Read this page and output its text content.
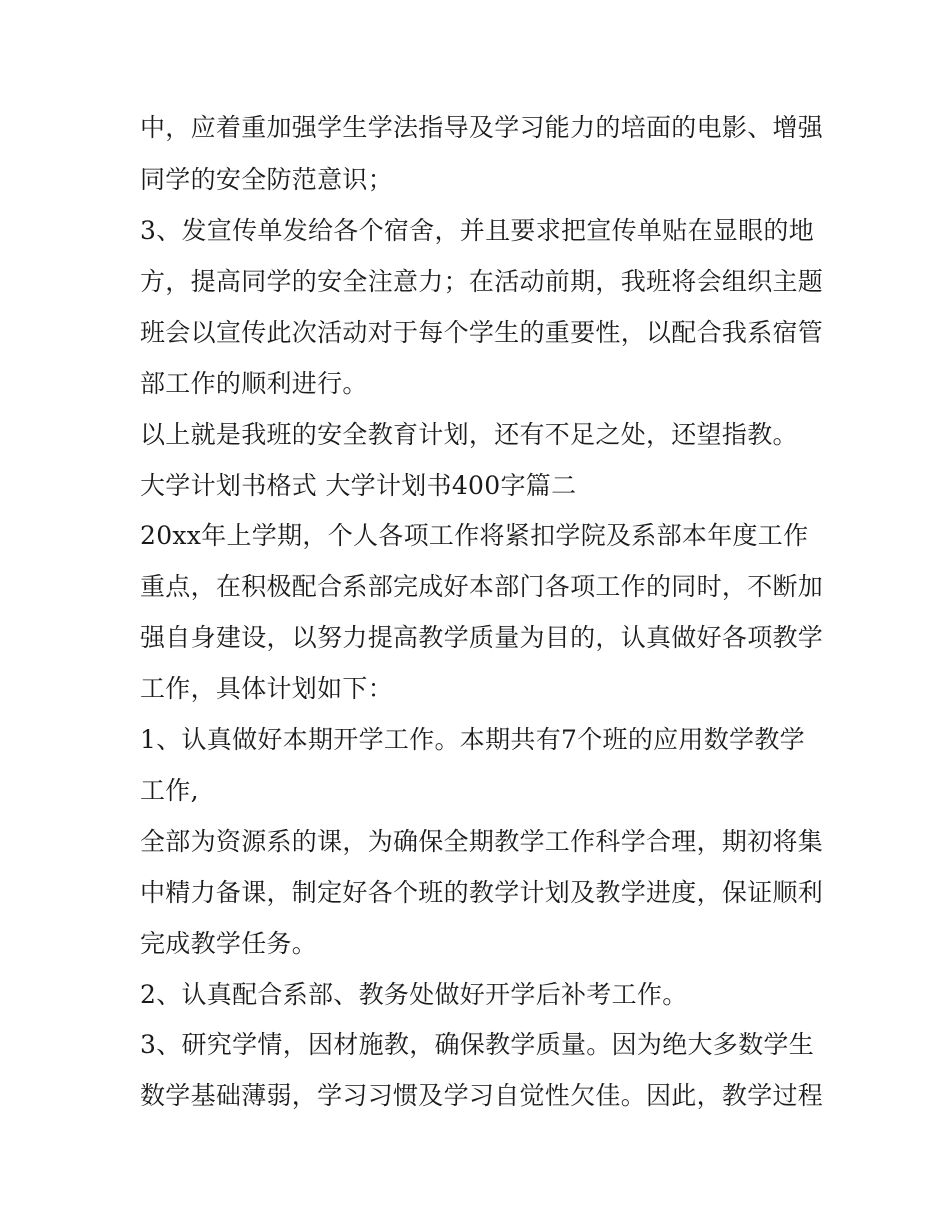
中，应着重加强学生学法指导及学习能力的培面的电影、增强
同学的安全防范意识；
3、发宣传单发给各个宿舍，并且要求把宣传单贴在显眼的地
方，提高同学的安全注意力；在活动前期，我班将会组织主题
班会以宣传此次活动对于每个学生的重要性，以配合我系宿管
部工作的顺利进行。
以上就是我班的安全教育计划，还有不足之处，还望指教。
大学计划书格式 大学计划书400字篇二
20xx年上学期，个人各项工作将紧扣学院及系部本年度工作
重点，在积极配合系部完成好本部门各项工作的同时，不断加
强自身建设，以努力提高教学质量为目的，认真做好各项教学
工作，具体计划如下：
1、认真做好本期开学工作。本期共有7个班的应用数学教学
工作,
全部为资源系的课，为确保全期教学工作科学合理，期初将集
中精力备课，制定好各个班的教学计划及教学进度，保证顺利
完成教学任务。
2、认真配合系部、教务处做好开学后补考工作。
3、研究学情，因材施教，确保教学质量。因为绝大多数学生
数学基础薄弱，学习习惯及学习自觉性欠佳。因此，教学过程
